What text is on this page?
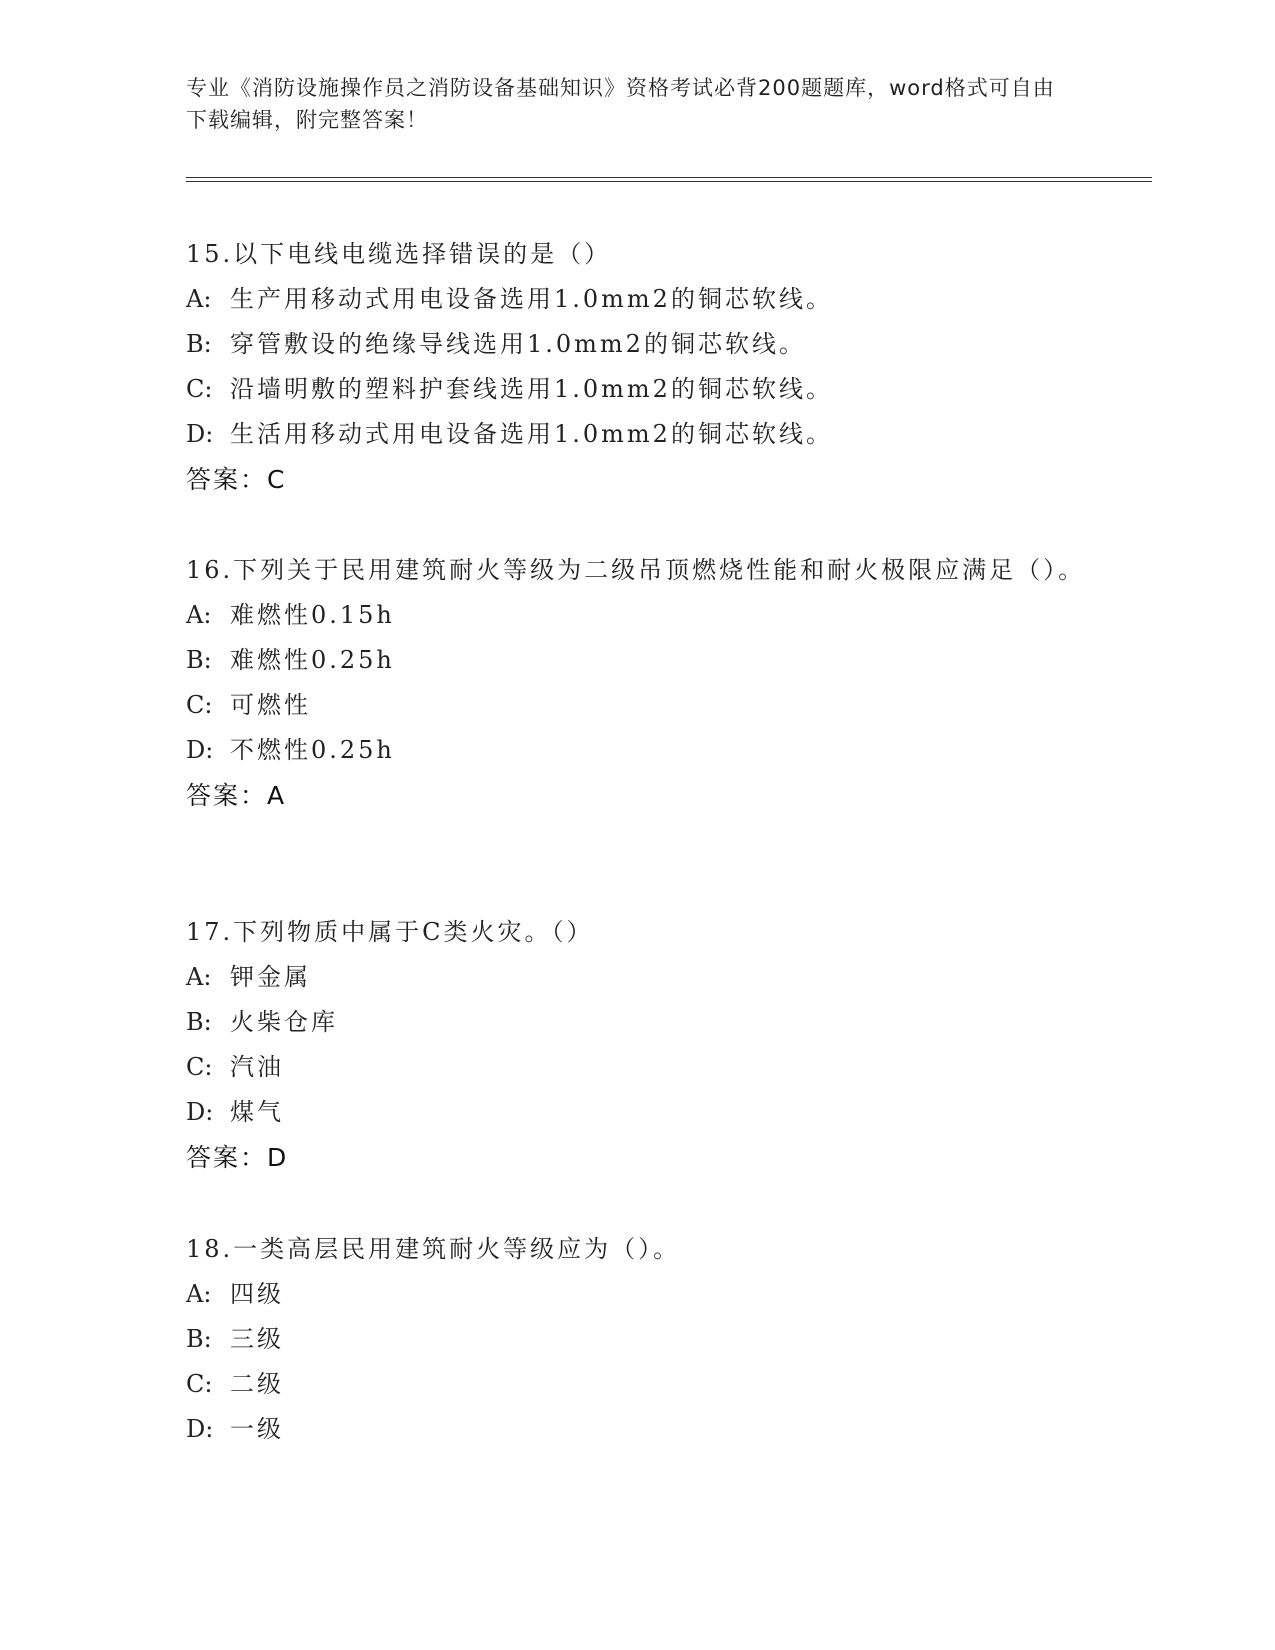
专业《消防设施操作员之消防设备基础知识》资格考试必背200题题库，word格式可自由下载编辑，附完整答案！
15.以下电线电缆选择错误的是（）
A: 生产用移动式用电设备选用1.0mm2的铜芯软线。
B: 穿管敷设的绝缘导线选用1.0mm2的铜芯软线。
C: 沿墙明敷的塑料护套线选用1.0mm2的铜芯软线。
D: 生活用移动式用电设备选用1.0mm2的铜芯软线。
答案：C
16.下列关于民用建筑耐火等级为二级吊顶燃烧性能和耐火极限应满足（）。
A: 难燃性0.15h
B: 难燃性0.25h
C: 可燃性
D: 不燃性0.25h
答案：A
17.下列物质中属于C类火灾。（）
A: 钾金属
B: 火柴仓库
C: 汽油
D: 煤气
答案：D
18.一类高层民用建筑耐火等级应为（）。
A: 四级
B: 三级
C: 二级
D: 一级
